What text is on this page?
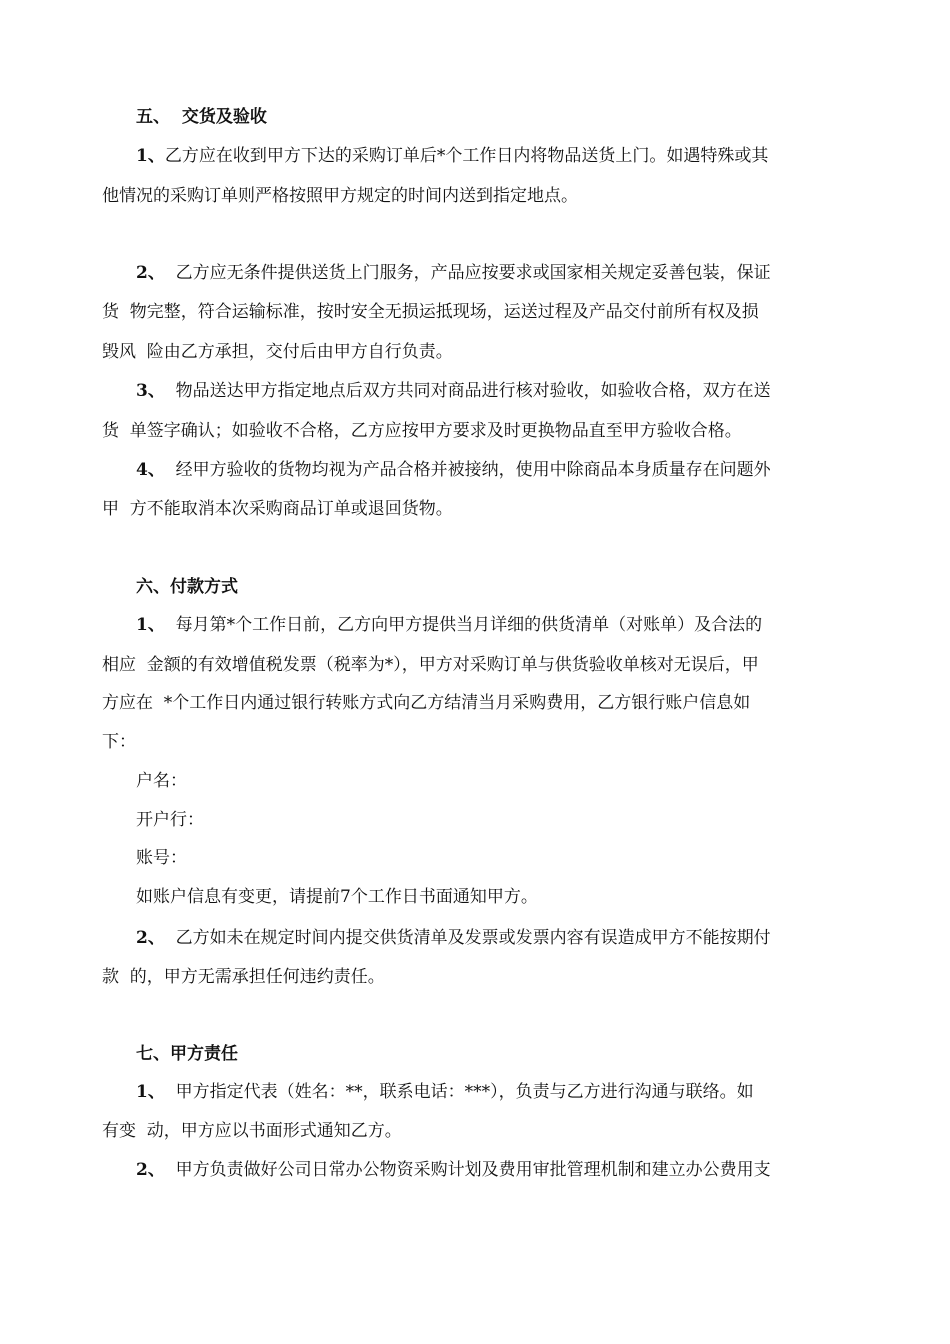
五、  交货及验收
1、乙方应在收到甲方下达的采购订单后*个工作日内将物品送货上门。如遇特殊或其
他情况的采购订单则严格按照甲方规定的时间内送到指定地点。
2、  乙方应无条件提供送货上门服务，产品应按要求或国家相关规定妥善包装，保证
货  物完整，符合运输标准，按时安全无损运抵现场，运送过程及产品交付前所有权及损
毁风  险由乙方承担，交付后由甲方自行负责。
3、  物品送达甲方指定地点后双方共同对商品进行核对验收，如验收合格，双方在送
货  单签字确认；如验收不合格，乙方应按甲方要求及时更换物品直至甲方验收合格。
4、  经甲方验收的货物均视为产品合格并被接纳，使用中除商品本身质量存在问题外
甲  方不能取消本次采购商品订单或退回货物。
六、付款方式
1、  每月第*个工作日前，乙方向甲方提供当月详细的供货清单（对账单）及合法的
相应  金额的有效增值税发票（税率为*），甲方对采购订单与供货验收单核对无误后，甲
方应在  *个工作日内通过银行转账方式向乙方结清当月采购费用，乙方银行账户信息如
下：
户名：
开户行：
账号：
如账户信息有变更，请提前7个工作日书面通知甲方。
2、  乙方如未在规定时间内提交供货清单及发票或发票内容有误造成甲方不能按期付
款  的，甲方无需承担任何违约责任。
七、甲方责任
1、  甲方指定代表（姓名：**，联系电话：***），负责与乙方进行沟通与联络。如
有变  动，甲方应以书面形式通知乙方。
2、  甲方负责做好公司日常办公物资采购计划及费用审批管理机制和建立办公费用支
